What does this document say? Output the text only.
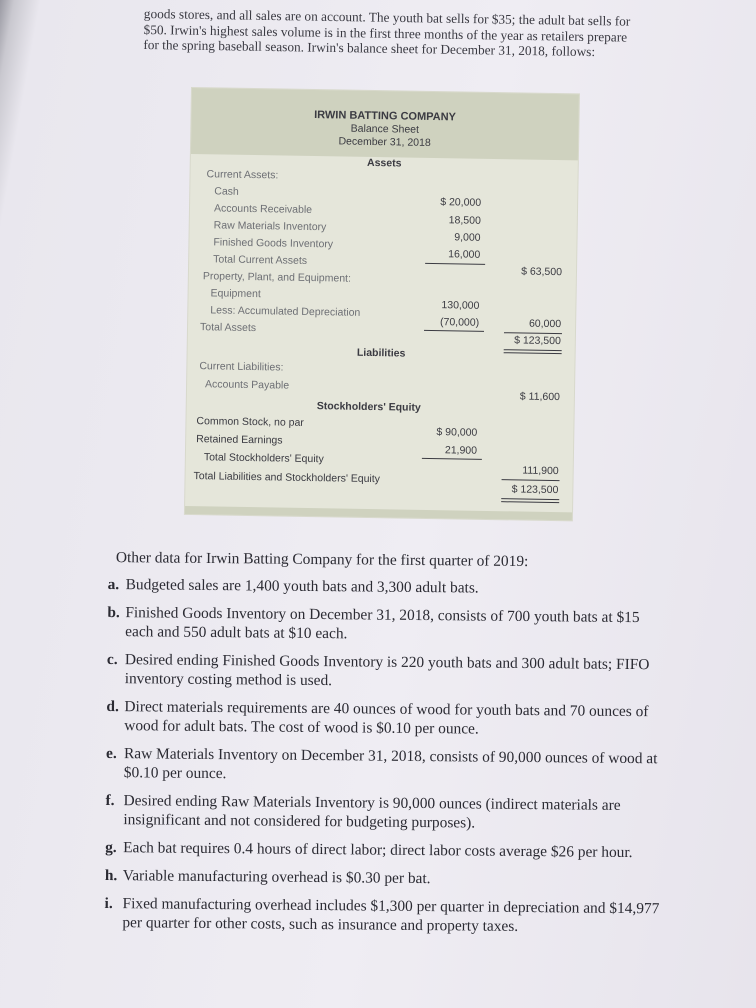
goods stores, and all sales are on account. The youth bat sells for $35; the adult bat sells for $50. Irwin's highest sales volume is in the first three months of the year as retailers prepare for the spring baseball season. Irwin's balance sheet for December 31, 2018, follows:
IRWIN BATTING COMPANY
Balance Sheet
December 31, 2018
Assets
Current Assets:
Cash
$ 20,000
Accounts Receivable
18,500
Raw Materials Inventory
9,000
Finished Goods Inventory
16,000
Total Current Assets
$ 63,500
Property, Plant, and Equipment:
Equipment
130,000
Less: Accumulated Depreciation
(70,000)	60,000
Total Assets
$ 123,500
Liabilities
Current Liabilities:
Accounts Payable
$ 11,600
Stockholders' Equity
Common Stock, no par
$ 90,000
Retained Earnings
21,900
Total Stockholders' Equity
111,900
Total Liabilities and Stockholders' Equity
$ 123,500
Other data for Irwin Batting Company for the first quarter of 2019:
a. Budgeted sales are 1,400 youth bats and 3,300 adult bats.
b. Finished Goods Inventory on December 31, 2018, consists of 700 youth bats at $15 each and 550 adult bats at $10 each.
c. Desired ending Finished Goods Inventory is 220 youth bats and 300 adult bats; FIFO inventory costing method is used.
d. Direct materials requirements are 40 ounces of wood for youth bats and 70 ounces of wood for adult bats. The cost of wood is $0.10 per ounce.
e. Raw Materials Inventory on December 31, 2018, consists of 90,000 ounces of wood at $0.10 per ounce.
f. Desired ending Raw Materials Inventory is 90,000 ounces (indirect materials are insignificant and not considered for budgeting purposes).
g. Each bat requires 0.4 hours of direct labor; direct labor costs average $26 per hour.
h. Variable manufacturing overhead is $0.30 per bat.
i. Fixed manufacturing overhead includes $1,300 per quarter in depreciation and $14,977 per quarter for other costs, such as insurance and property taxes.
